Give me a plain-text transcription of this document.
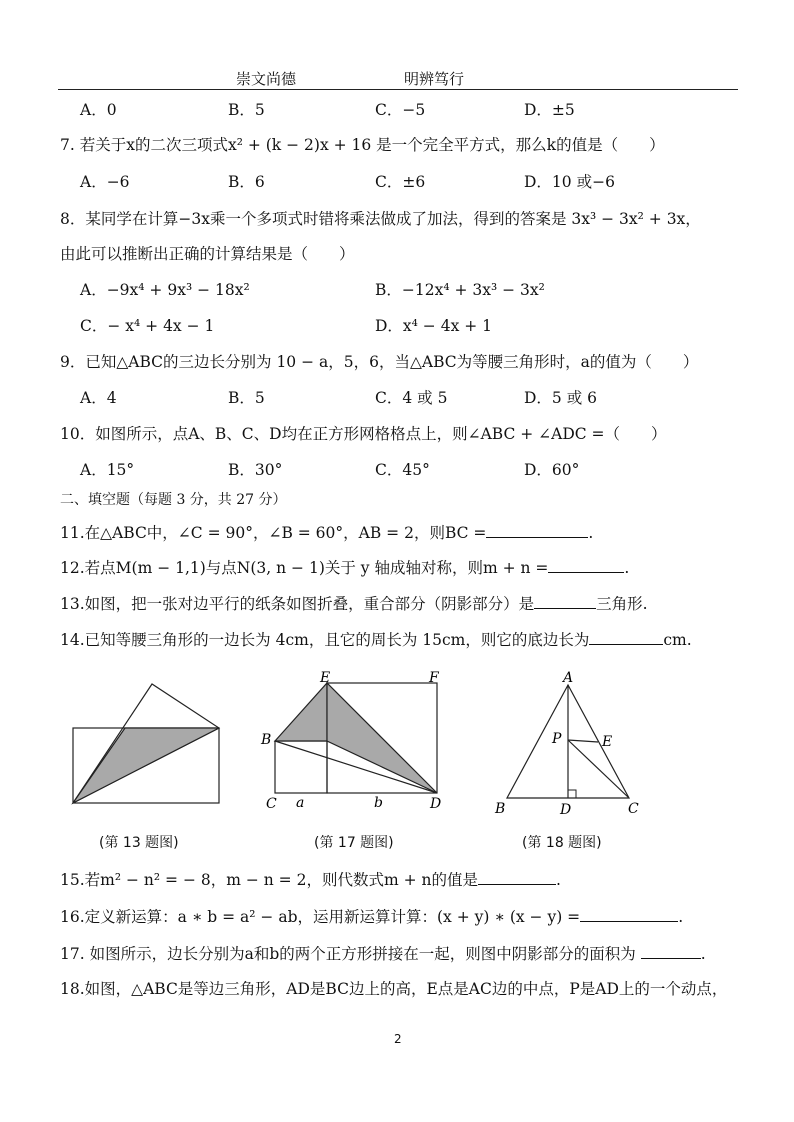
崇文尚德	明辨笃行
A．0	B．5	C．−5	D．±5
7. 若关于x的二次三项式x² + (k − 2)x + 16 是一个完全平方式，那么k的值是（　　）
A．−6	B．6	C．±6	D．10 或−6
8．某同学在计算−3x乘一个多项式时错将乘法做成了加法，得到的答案是 3x³ − 3x² + 3x，
由此可以推断出正确的计算结果是（　　）
A．−9x⁴ + 9x³ − 18x²	B．−12x⁴ + 3x³ − 3x²
C．− x⁴ + 4x − 1	D．x⁴ − 4x + 1
9．已知△ABC的三边长分别为 10 − a，5，6，当△ABC为等腰三角形时，a的值为（　　）
A．4	B．5	C．4 或 5	D．5 或 6
10．如图所示，点A、B、C、D均在正方形网格格点上，则∠ABC + ∠ADC =（　　）
A．15°	B．30°	C．45°	D．60°
二、填空题（每题 3 分，共 27 分）
11.在△ABC中，∠C = 90°，∠B = 60°，AB = 2，则BC =	.
12.若点M(m − 1,1)与点N(3, n − 1)关于 y 轴成轴对称，则m + n =	.
13.如图，把一张对边平行的纸条如图折叠，重合部分（阴影部分）是	三角形.
14.已知等腰三角形的一边长为 4cm，且它的周长为 15cm，则它的底边长为	cm.
(第 13 题图)
E	F
B
C	D
a	b
(第 17 题图)
A
P	E
B	D	C
(第 18 题图)
15.若m² − n² = − 8，m − n = 2，则代数式m + n的值是	.
16.定义新运算：a ∗ b = a² − ab，运用新运算计算：(x + y) ∗ (x − y) =	.
17. 如图所示，边长分别为a和b的两个正方形拼接在一起，则图中阴影部分的面积为	.
18.如图，△ABC是等边三角形，AD是BC边上的高，E点是AC边的中点，P是AD上的一个动点，
2
